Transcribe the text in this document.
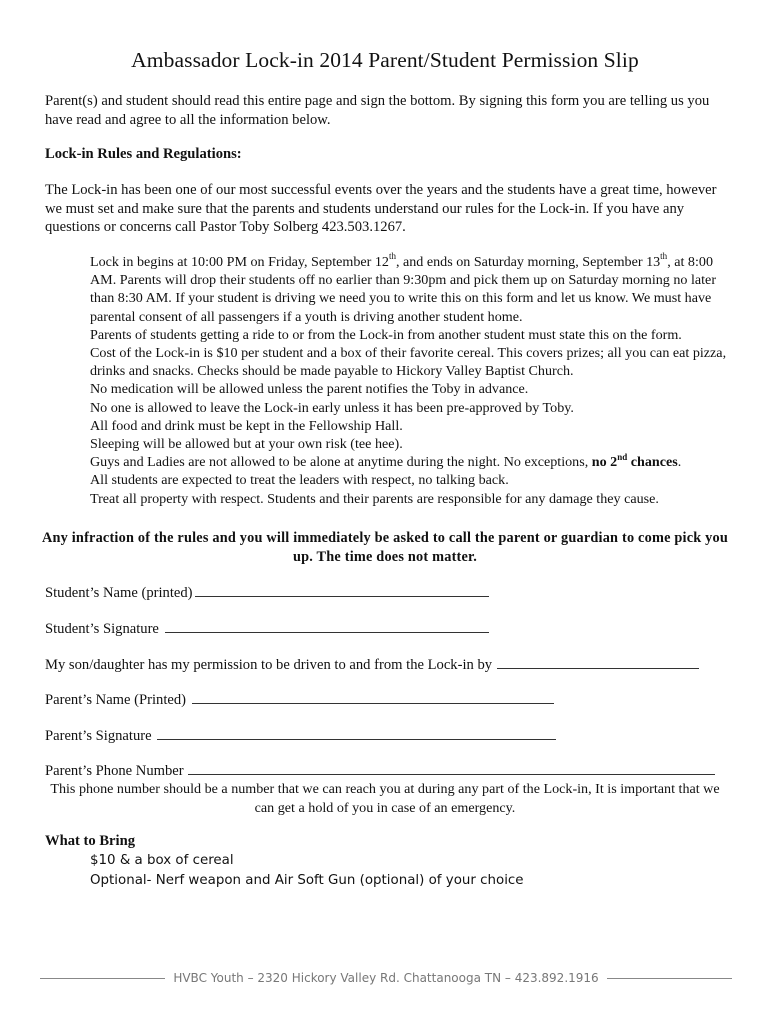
Ambassador Lock-in 2014 Parent/Student Permission Slip
Parent(s) and student should read this entire page and sign the bottom. By signing this form you are telling us you have read and agree to all the information below.
Lock-in Rules and Regulations:
The Lock-in has been one of our most successful events over the years and the students have a great time, however we must set and make sure that the parents and students understand our rules for the Lock-in. If you have any questions or concerns call Pastor Toby Solberg 423.503.1267.

Lock in begins at 10:00 PM on Friday, September 12th, and ends on Saturday morning, September 13th, at 8:00 AM. Parents will drop their students off no earlier than 9:30pm and pick them up on Saturday morning no later than 8:30 AM. If your student is driving we need you to write this on this form and let us know. We must have parental consent of all passengers if a youth is driving another student home.

Parents of students getting a ride to or from the Lock-in from another student must state this on the form.

Cost of the Lock-in is $10 per student and a box of their favorite cereal. This covers prizes; all you can eat pizza, drinks and snacks. Checks should be made payable to Hickory Valley Baptist Church.

No medication will be allowed unless the parent notifies the Toby in advance.

No one is allowed to leave the Lock-in early unless it has been pre-approved by Toby.

All food and drink must be kept in the Fellowship Hall.

Sleeping will be allowed but at your own risk (tee hee).

Guys and Ladies are not allowed to be alone at anytime during the night. No exceptions, no 2nd chances.

All students are expected to treat the leaders with respect, no talking back.

Treat all property with respect. Students and their parents are responsible for any damage they cause.

Any infraction of the rules and you will immediately be asked to call the parent or guardian to come pick you up. The time does not matter.
Student’s Name (printed)
Student’s Signature
My son/daughter has my permission to be driven to and from the Lock-in by
Parent’s Name (Printed)
Parent’s Signature
Parent’s Phone Number
This phone number should be a number that we can reach you at during any part of the Lock-in, It is important that we can get a hold of you in case of an emergency.
What to Bring
$10 & a box of cereal
Optional- Nerf weapon and Air Soft Gun (optional) of your choice
HVBC Youth – 2320 Hickory Valley Rd. Chattanooga TN – 423.892.1916
